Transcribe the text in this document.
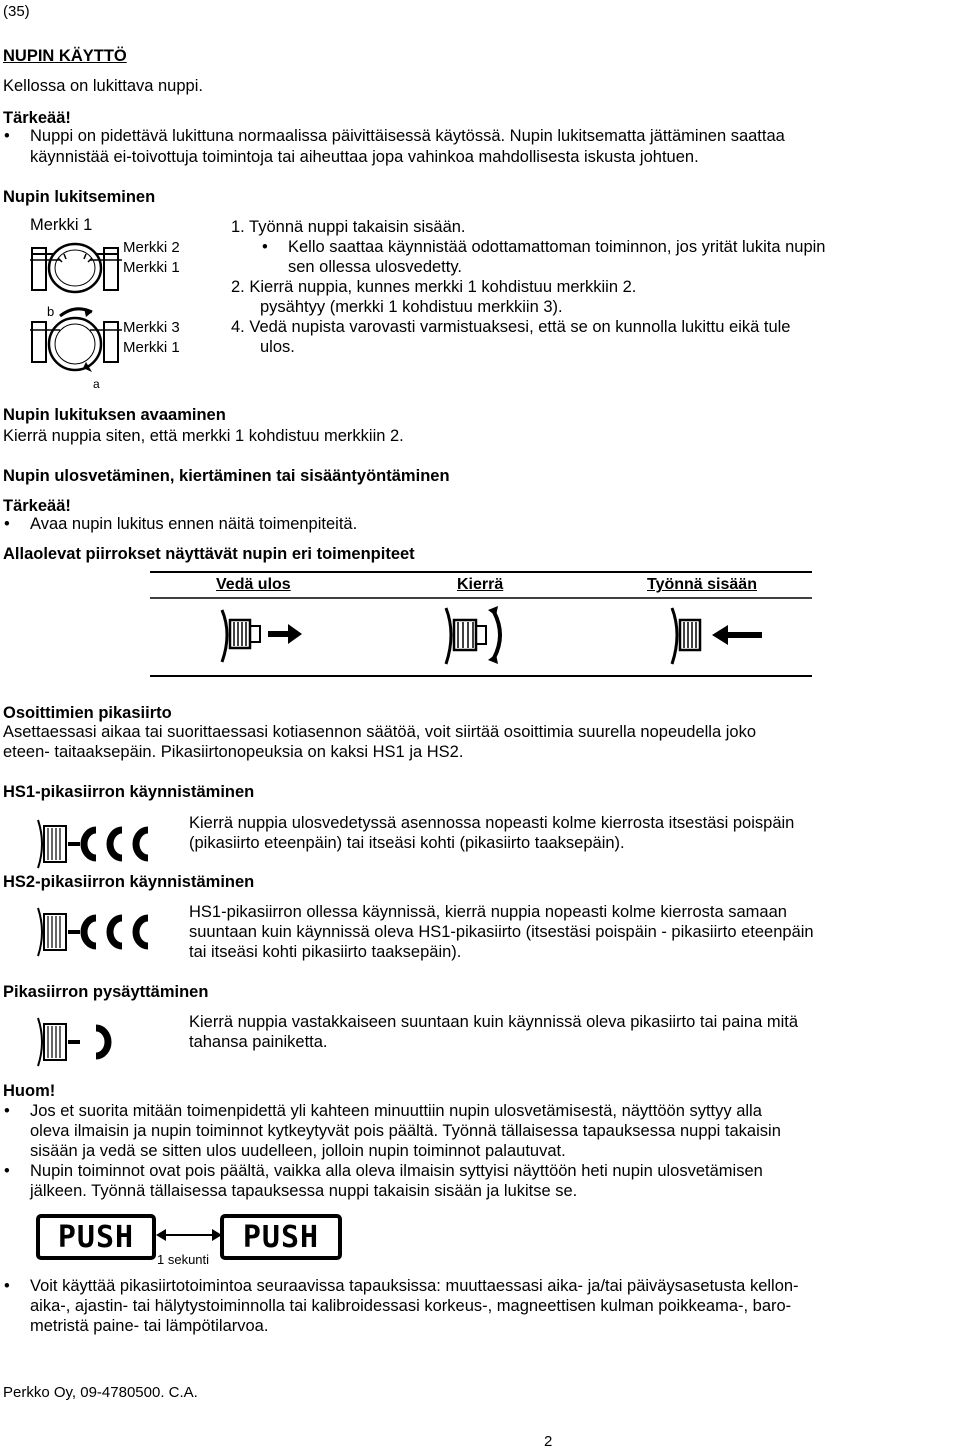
(35)
NUPIN KÄYTTÖ
Kellossa on lukittava nuppi.
Tärkeää!
• Nuppi on pidettävä lukittuna normaalissa päivittäisessä käytössä. Nupin lukitsematta jättäminen saattaa
käynnistää ei-toivottuja toimintoja tai aiheuttaa jopa vahinkoa mahdollisesta iskusta johtuen.
Nupin lukitseminen
Merkki 1
Merkki 2
Merkki 1
b
a
Merkki 3
Merkki 1
1. Työnnä nuppi takaisin sisään.
• Kello saattaa käynnistää odottamattoman toiminnon, jos yrität lukita nupin
sen ollessa ulosvedetty.
2. Kierrä nuppia, kunnes merkki 1 kohdistuu merkkiin 2.
pysähtyy (merkki 1 kohdistuu merkkiin 3).
4. Vedä nupista varovasti varmistuaksesi, että se on kunnolla lukittu eikä tule
ulos.
Nupin lukituksen avaaminen
Kierrä nuppia siten, että merkki 1 kohdistuu merkkiin 2.
Nupin ulosvetäminen, kiertäminen tai sisääntyöntäminen
Tärkeää!
• Avaa nupin lukitus ennen näitä toimenpiteitä.
Allaolevat piirrokset näyttävät nupin eri toimenpiteet
Vedä ulos	Kierrä	Työnnä sisään
Osoittimien pikasiirto
Asettaessasi aikaa tai suorittaessasi kotiasennon säätöä, voit siirtää osoittimia suurella nopeudella joko
eteen- taitaaksepäin. Pikasiirtonopeuksia on kaksi HS1 ja HS2.
HS1-pikasiirron käynnistäminen
Kierrä nuppia ulosvedetyssä asennossa nopeasti kolme kierrosta itsestäsi poispäin
(pikasiirto eteenpäin) tai itseäsi kohti (pikasiirto taaksepäin).
HS2-pikasiirron käynnistäminen
HS1-pikasiirron ollessa käynnissä, kierrä nuppia nopeasti kolme kierrosta samaan
suuntaan kuin käynnissä oleva HS1-pikasiirto (itsestäsi poispäin - pikasiirto eteenpäin
tai itseäsi kohti pikasiirto taaksepäin).
Pikasiirron pysäyttäminen
Kierrä nuppia vastakkaiseen suuntaan kuin käynnissä oleva pikasiirto tai paina mitä
tahansa painiketta.
Huom!
• Jos et suorita mitään toimenpidettä yli kahteen minuuttiin nupin ulosvetämisestä, näyttöön syttyy alla
oleva ilmaisin ja nupin toiminnot kytkeytyvät pois päältä. Työnnä tällaisessa tapauksessa nuppi takaisin
sisään ja vedä se sitten ulos uudelleen, jolloin nupin toiminnot palautuvat.
• Nupin toiminnot ovat pois päältä, vaikka alla oleva ilmaisin syttyisi näyttöön heti nupin ulosvetämisen
jälkeen. Työnnä tällaisessa tapauksessa nuppi takaisin sisään ja lukitse se.
PUSH	PUSH
1 sekunti
• Voit käyttää pikasiirtotoimintoa seuraavissa tapauksissa: muuttaessasi aika- ja/tai päiväysasetusta kellon-
aika-, ajastin- tai hälytystoiminnolla tai kalibroidessasi korkeus-, magneettisen kulman poikkeama-, baro-
metristä paine- tai lämpötilarvoa.
Perkko Oy, 09-4780500. C.A.
2
